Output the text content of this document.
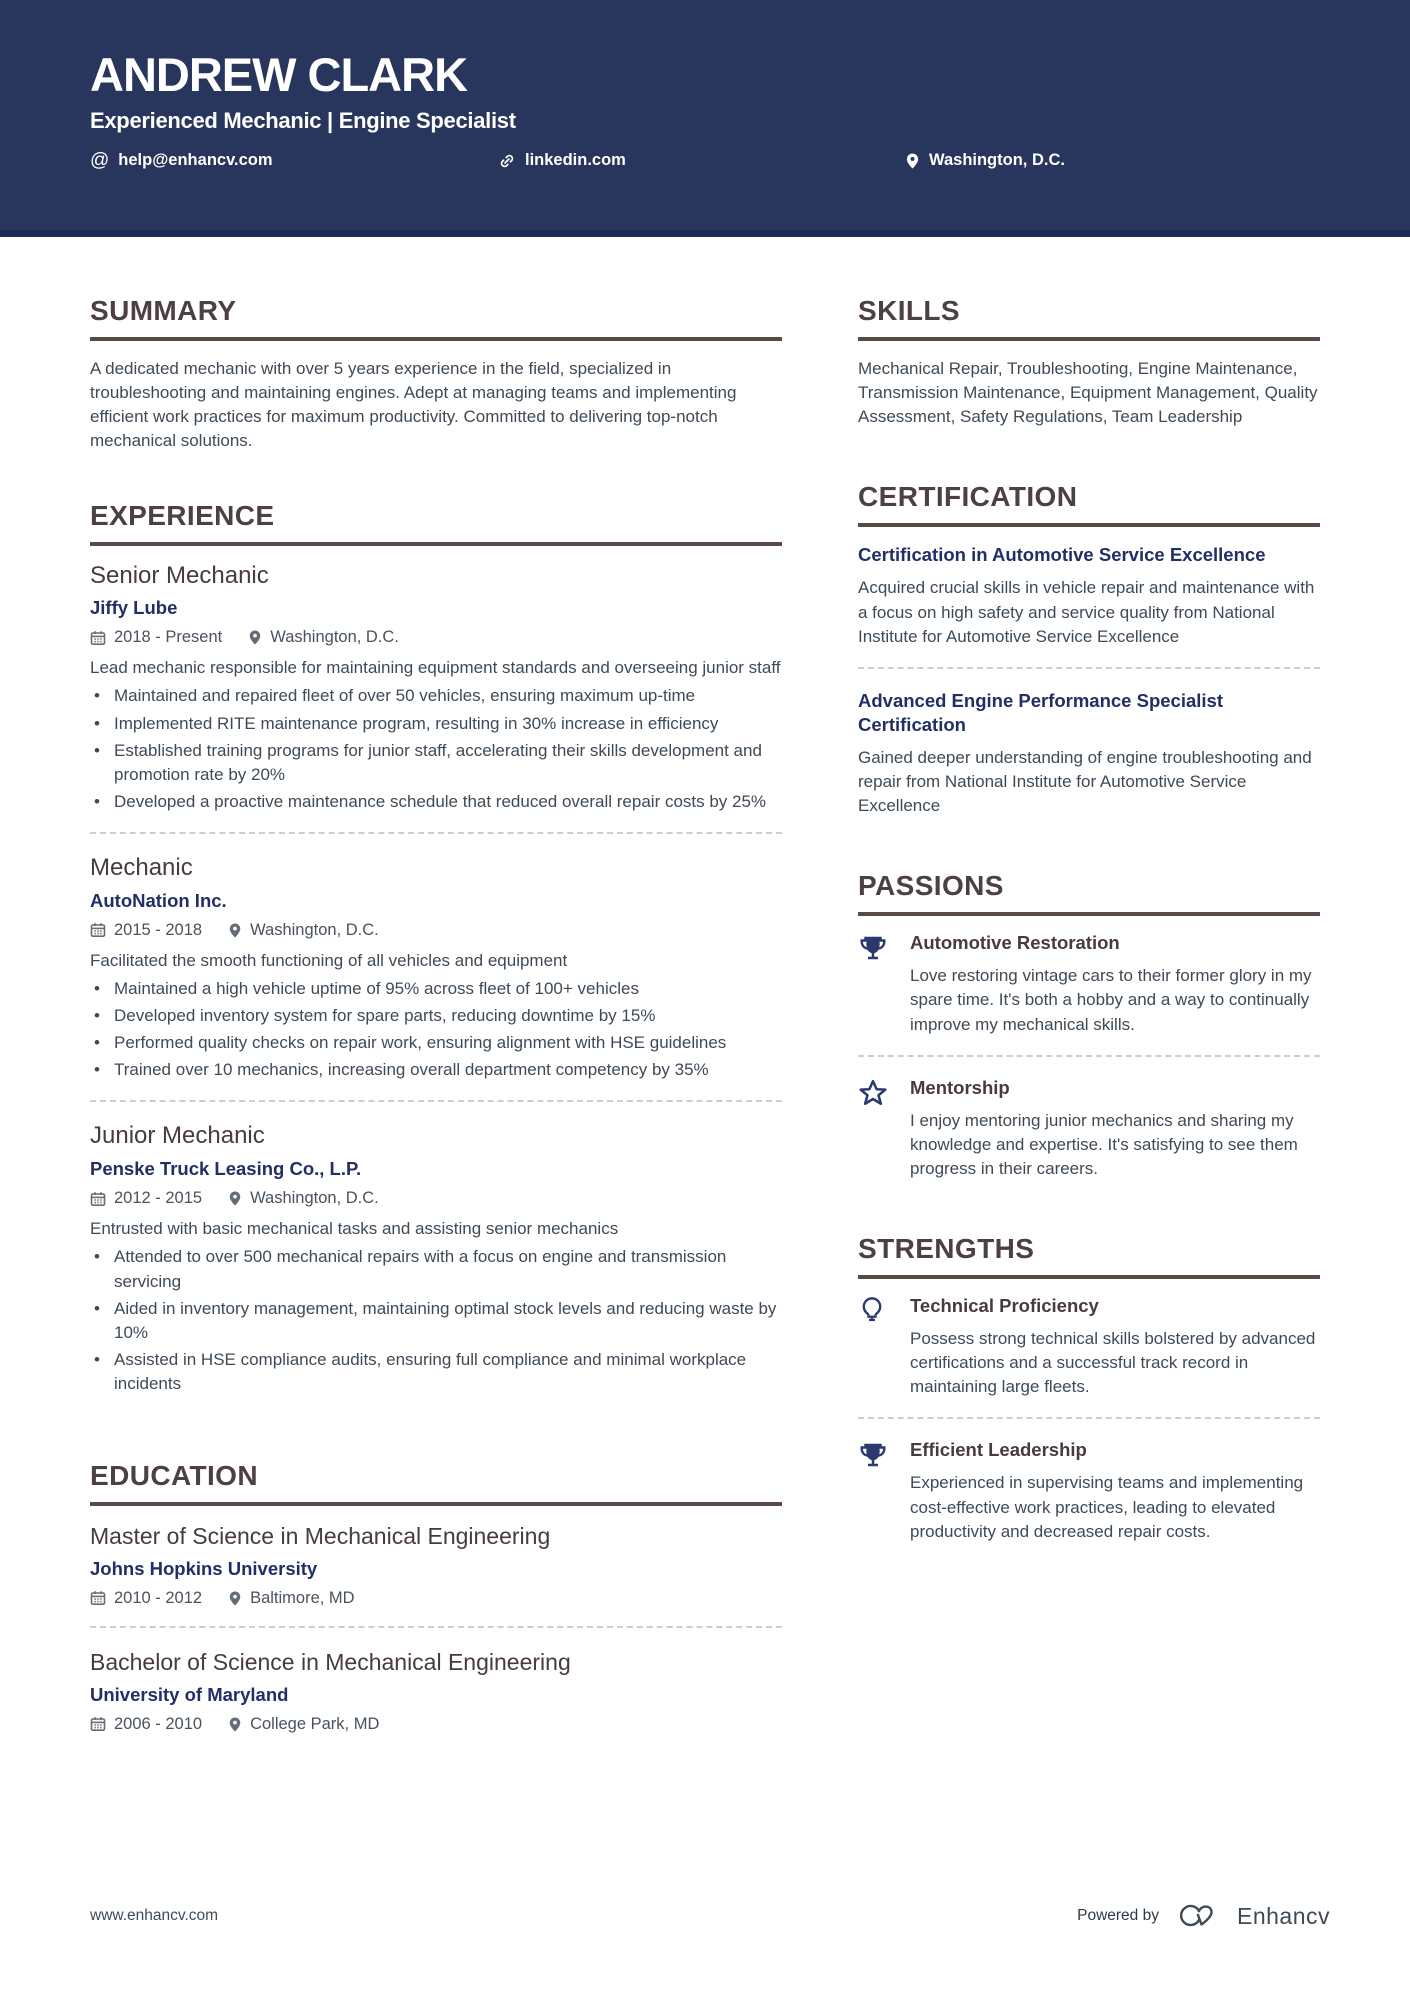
ANDREW CLARK
Experienced Mechanic | Engine Specialist
@ help@enhancv.com	linkedin.com	Washington, D.C.
SUMMARY
A dedicated mechanic with over 5 years experience in the field, specialized in troubleshooting and maintaining engines. Adept at managing teams and implementing efficient work practices for maximum productivity. Committed to delivering top-notch mechanical solutions.
EXPERIENCE
Senior Mechanic
Jiffy Lube
2018 - Present	Washington, D.C.
Lead mechanic responsible for maintaining equipment standards and overseeing junior staff
• Maintained and repaired fleet of over 50 vehicles, ensuring maximum up-time
• Implemented RITE maintenance program, resulting in 30% increase in efficiency
• Established training programs for junior staff, accelerating their skills development and promotion rate by 20%
• Developed a proactive maintenance schedule that reduced overall repair costs by 25%
Mechanic
AutoNation Inc.
2015 - 2018	Washington, D.C.
Facilitated the smooth functioning of all vehicles and equipment
• Maintained a high vehicle uptime of 95% across fleet of 100+ vehicles
• Developed inventory system for spare parts, reducing downtime by 15%
• Performed quality checks on repair work, ensuring alignment with HSE guidelines
• Trained over 10 mechanics, increasing overall department competency by 35%
Junior Mechanic
Penske Truck Leasing Co., L.P.
2012 - 2015	Washington, D.C.
Entrusted with basic mechanical tasks and assisting senior mechanics
• Attended to over 500 mechanical repairs with a focus on engine and transmission servicing
• Aided in inventory management, maintaining optimal stock levels and reducing waste by 10%
• Assisted in HSE compliance audits, ensuring full compliance and minimal workplace incidents
EDUCATION
Master of Science in Mechanical Engineering
Johns Hopkins University
2010 - 2012	Baltimore, MD
Bachelor of Science in Mechanical Engineering
University of Maryland
2006 - 2010	College Park, MD
SKILLS
Mechanical Repair, Troubleshooting, Engine Maintenance, Transmission Maintenance, Equipment Management, Quality Assessment, Safety Regulations, Team Leadership
CERTIFICATION
Certification in Automotive Service Excellence
Acquired crucial skills in vehicle repair and maintenance with a focus on high safety and service quality from National Institute for Automotive Service Excellence
Advanced Engine Performance Specialist Certification
Gained deeper understanding of engine troubleshooting and repair from National Institute for Automotive Service Excellence
PASSIONS
Automotive Restoration
Love restoring vintage cars to their former glory in my spare time. It's both a hobby and a way to continually improve my mechanical skills.
Mentorship
I enjoy mentoring junior mechanics and sharing my knowledge and expertise. It's satisfying to see them progress in their careers.
STRENGTHS
Technical Proficiency
Possess strong technical skills bolstered by advanced certifications and a successful track record in maintaining large fleets.
Efficient Leadership
Experienced in supervising teams and implementing cost-effective work practices, leading to elevated productivity and decreased repair costs.
www.enhancv.com	Powered by	Enhancv
